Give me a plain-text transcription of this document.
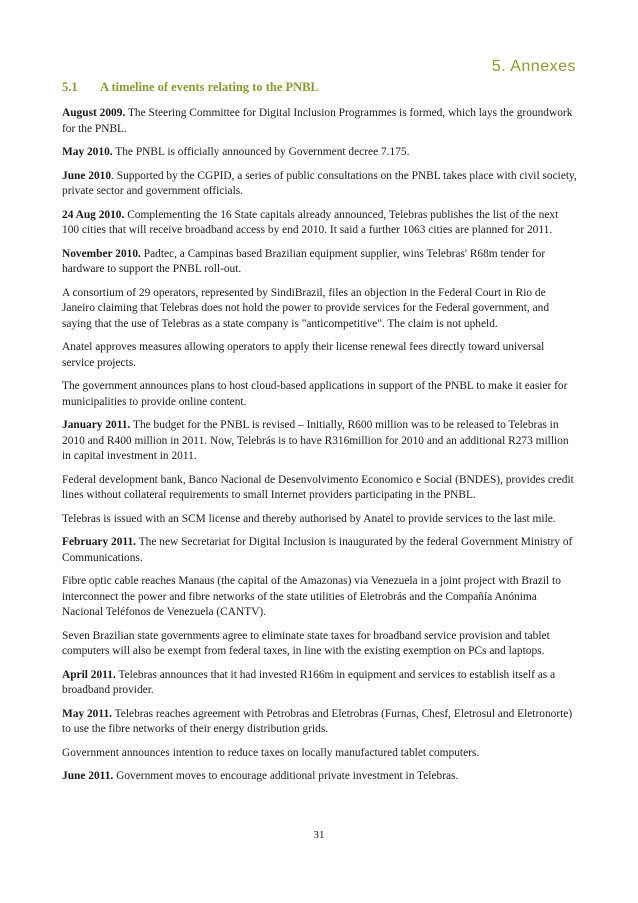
5. Annexes
5.1 A timeline of events relating to the PNBL

August 2009. The Steering Committee for Digital Inclusion Programmes is formed, which lays the groundwork for the PNBL.

May 2010. The PNBL is officially announced by Government decree 7.175.

June 2010. Supported by the CGPID, a series of public consultations on the PNBL takes place with civil society, private sector and government officials.

24 Aug 2010. Complementing the 16 State capitals already announced, Telebras publishes the list of the next 100 cities that will receive broadband access by end 2010. It said a further 1063 cities are planned for 2011.

November 2010. Padtec, a Campinas based Brazilian equipment supplier, wins Telebras' R68m tender for hardware to support the PNBL roll-out.

A consortium of 29 operators, represented by SindiBrazil, files an objection in the Federal Court in Rio de Janeiro claiming that Telebras does not hold the power to provide services for the Federal government, and saying that the use of Telebras as a state company is "anticompetitive". The claim is not upheld.

Anatel approves measures allowing operators to apply their license renewal fees directly toward universal service projects.

The government announces plans to host cloud-based applications in support of the PNBL to make it easier for municipalities to provide online content.

January 2011. The budget for the PNBL is revised – Initially, R600 million was to be released to Telebras in 2010 and R400 million in 2011. Now, Telebrás is to have R316million for 2010 and an additional R273 million in capital investment in 2011.

Federal development bank, Banco Nacional de Desenvolvimento Economico e Social (BNDES), provides credit lines without collateral requirements to small Internet providers participating in the PNBL.

Telebras is issued with an SCM license and thereby authorised by Anatel to provide services to the last mile.

February 2011. The new Secretariat for Digital Inclusion is inaugurated by the federal Government Ministry of Communications.

Fibre optic cable reaches Manaus (the capital of the Amazonas) via Venezuela in a joint project with Brazil to interconnect the power and fibre networks of the state utilities of Eletrobrás and the Compañía Anónima Nacional Teléfonos de Venezuela (CANTV).

Seven Brazilian state governments agree to eliminate state taxes for broadband service provision and tablet computers will also be exempt from federal taxes, in line with the existing exemption on PCs and laptops.

April 2011. Telebras announces that it had invested R166m in equipment and services to establish itself as a broadband provider.

May 2011. Telebras reaches agreement with Petrobras and Eletrobras (Furnas, Chesf, Eletrosul and Eletronorte) to use the fibre networks of their energy distribution grids.

Government announces intention to reduce taxes on locally manufactured tablet computers.

June 2011. Government moves to encourage additional private investment in Telebras.

31
